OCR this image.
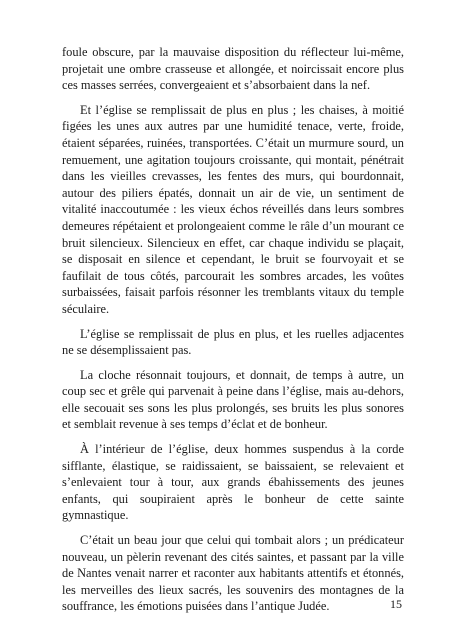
foule obscure, par la mauvaise disposition du réflecteur lui-même, projetait une ombre crasseuse et allongée, et noircissait encore plus ces masses serrées, convergeaient et s’absorbaient dans la nef.

Et l’église se remplissait de plus en plus ; les chaises, à moitié figées les unes aux autres par une humidité tenace, verte, froide, étaient séparées, ruinées, transportées. C’était un murmure sourd, un remuement, une agitation toujours croissante, qui montait, pénétrait dans les vieilles crevasses, les fentes des murs, qui bourdonnait, autour des piliers épatés, donnait un air de vie, un sentiment de vitalité inaccoutumée : les vieux échos réveillés dans leurs sombres demeures répétaient et prolongeaient comme le râle d’un mourant ce bruit silencieux. Silencieux en effet, car chaque individu se plaçait, se disposait en silence et cependant, le bruit se fourvoyait et se faufilait de tous côtés, parcourait les sombres arcades, les voûtes surbaissées, faisait parfois résonner les tremblants vitaux du temple séculaire.

L’église se remplissait de plus en plus, et les ruelles adjacentes ne se désemplissaient pas.

La cloche résonnait toujours, et donnait, de temps à autre, un coup sec et grêle qui parvenait à peine dans l’église, mais au-dehors, elle secouait ses sons les plus prolongés, ses bruits les plus sonores et semblait revenue à ses temps d’éclat et de bonheur.

À l’intérieur de l’église, deux hommes suspendus à la corde sifflante, élastique, se raidissaient, se baissaient, se relevaient et s’enlevaient tour à tour, aux grands ébahissements des jeunes enfants, qui soupiraient après le bonheur de cette sainte gymnastique.

C’était un beau jour que celui qui tombait alors ; un prédicateur nouveau, un pèlerin revenant des cités saintes, et passant par la ville de Nantes venait narrer et raconter aux habitants attentifs et étonnés, les merveilles des lieux sacrés, les souvenirs des montagnes de la souffrance, les émotions puisées dans l’antique Judée.	15
